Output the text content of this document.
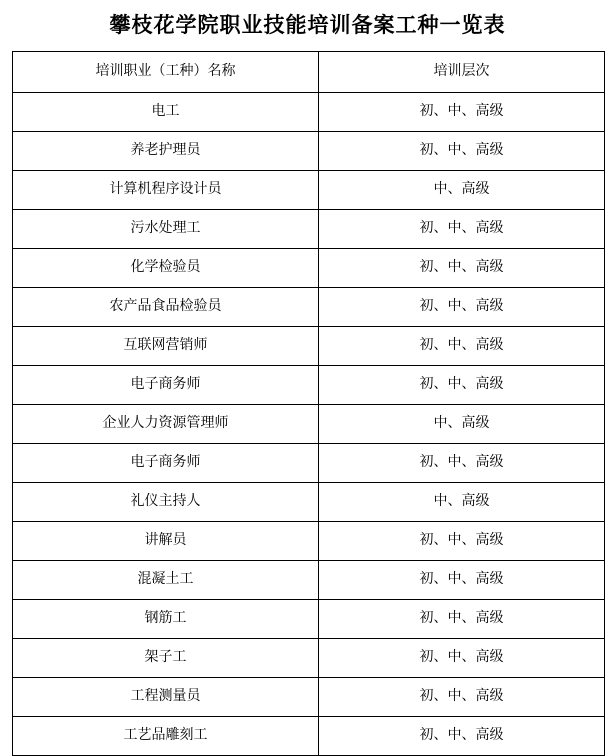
攀枝花学院职业技能培训备案工种一览表
培训职业（工种）名称	培训层次
电工	初、中、高级
养老护理员	初、中、高级
计算机程序设计员	中、高级
污水处理工	初、中、高级
化学检验员	初、中、高级
农产品食品检验员	初、中、高级
互联网营销师	初、中、高级
电子商务师	初、中、高级
企业人力资源管理师	中、高级
电子商务师	初、中、高级
礼仪主持人	中、高级
讲解员	初、中、高级
混凝土工	初、中、高级
钢筋工	初、中、高级
架子工	初、中、高级
工程测量员	初、中、高级
工艺品雕刻工	初、中、高级
